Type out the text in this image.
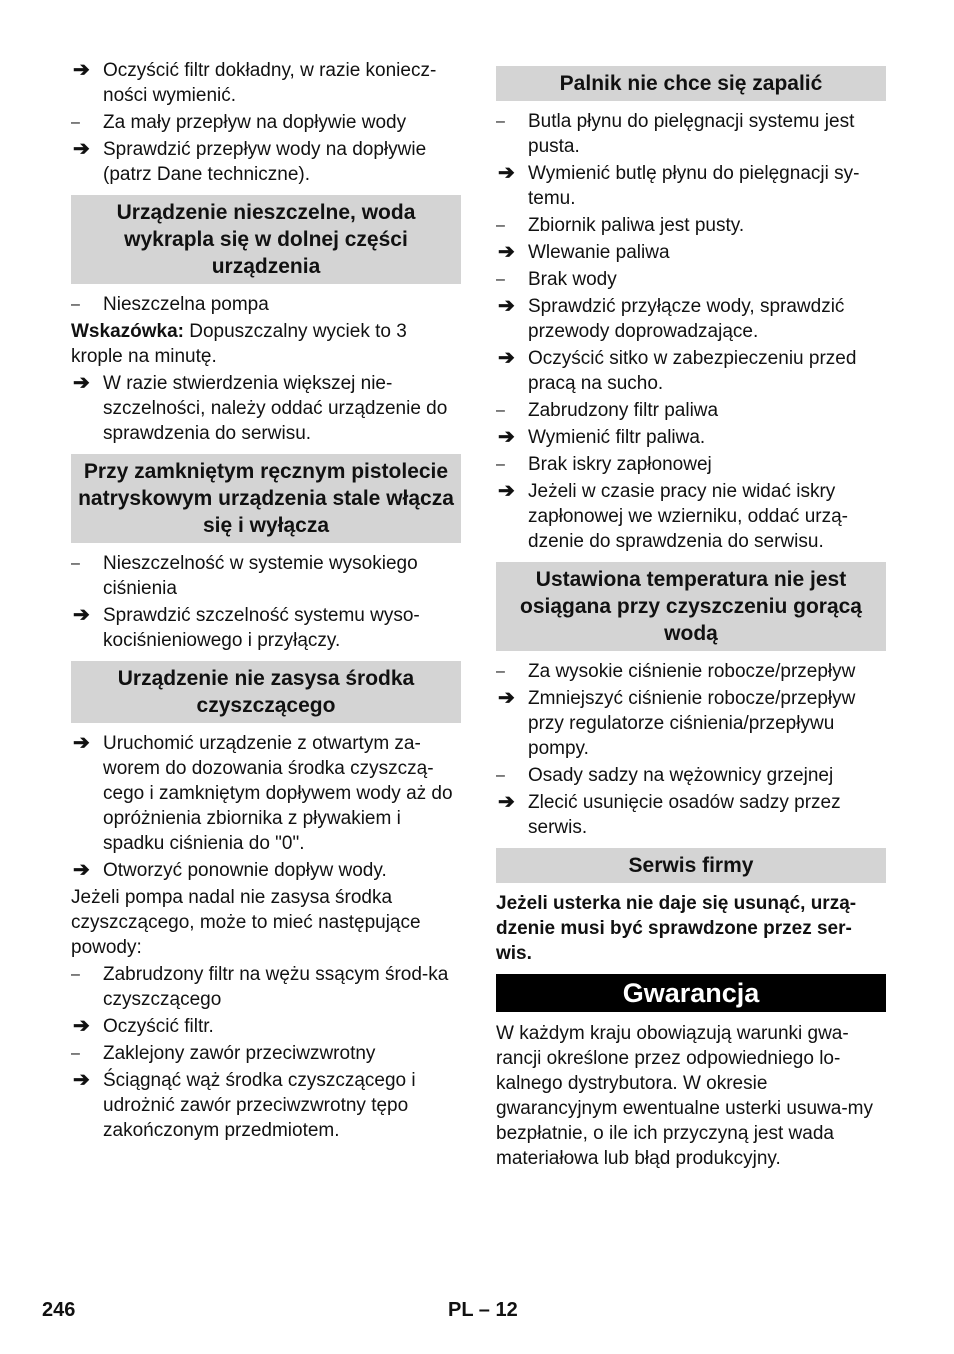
➔ Oczyścić filtr dokładny, w razie koniecz-ności wymienić.
–	Za mały przepływ na dopływie wody
➔ Sprawdzić przepływ wody na dopływie (patrz Dane techniczne).
Urządzenie nieszczelne, woda wykrapla się w dolnej części urządzenia
–	Nieszczelna pompa
Wskazówka: Dopuszczalny wyciek to 3 krople na minutę.
➔ W razie stwierdzenia większej nie-szczelności, należy oddać urządzenie do sprawdzenia do serwisu.
Przy zamkniętym ręcznym pistolecie natryskowym urządzenia stale włącza się i wyłącza
–	Nieszczelność w systemie wysokiego ciśnienia
➔ Sprawdzić szczelność systemu wyso-kociśnieniowego i przyłączy.
Urządzenie nie zasysa środka czyszczącego
➔ Uruchomić urządzenie z otwartym za-worem do dozowania środka czyszczą-cego i zamkniętym dopływem wody aż do opróżnienia zbiornika z pływakiem i spadku ciśnienia do "0".
➔ Otworzyć ponownie dopływ wody.
Jeżeli pompa nadal nie zasysa środka czyszczącego, może to mieć następujące powody:
–	Zabrudzony filtr na wężu ssącym środ-ka czyszczącego
➔ Oczyścić filtr.
–	Zaklejony zawór przeciwzwrotny
➔ Ściągnąć wąż środka czyszczącego i udrożnić zawór przeciwzwrotny tępo zakończonym przedmiotem.
Palnik nie chce się zapalić
–	Butla płynu do pielęgnacji systemu jest pusta.
➔ Wymienić butlę płynu do pielęgnacji sy-temu.
–	Zbiornik paliwa jest pusty.
➔ Wlewanie paliwa
–	Brak wody
➔ Sprawdzić przyłącze wody, sprawdzić przewody doprowadzające.
➔ Oczyścić sitko w zabezpieczeniu przed pracą na sucho.
–	Zabrudzony filtr paliwa
➔ Wymienić filtr paliwa.
–	Brak iskry zapłonowej
➔ Jeżeli w czasie pracy nie widać iskry zapłonowej we wzierniku, oddać urzą-dzenie do sprawdzenia do serwisu.
Ustawiona temperatura nie jest osiągana przy czyszczeniu gorącą wodą
–	Za wysokie ciśnienie robocze/przepływ
➔ Zmniejszyć ciśnienie robocze/przepływ przy regulatorze ciśnienia/przepływu pompy.
–	Osady sadzy na wężownicy grzejnej
➔ Zlecić usunięcie osadów sadzy przez serwis.
Serwis firmy
Jeżeli usterka nie daje się usunąć, urzą-dzenie musi być sprawdzone przez ser-wis.
Gwarancja
W każdym kraju obowiązują warunki gwa-rancji określone przez odpowiedniego lo-kalnego dystrybutora. W okresie gwarancyjnym ewentualne usterki usuwa-my bezpłatnie, o ile ich przyczyną jest wada materiałowa lub błąd produkcyjny.
246	PL – 12
